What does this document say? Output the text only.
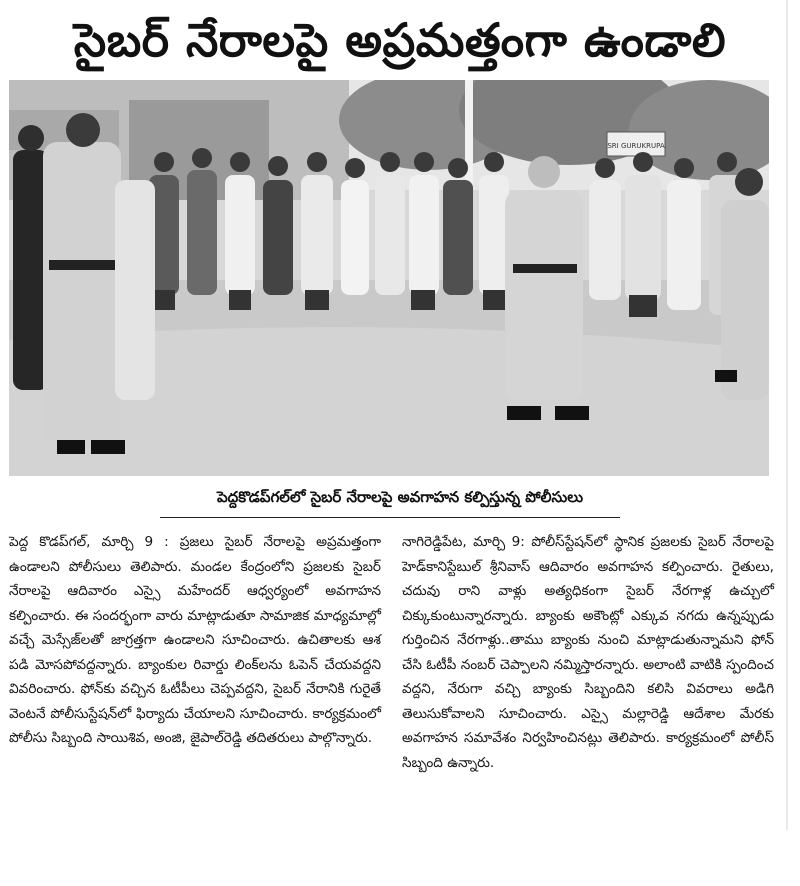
సైబర్ నేరాలపై అప్రమత్తంగా ఉండాలి
SRI GURUKRUPA
పెద్దకొడప్‌గల్‌లో సైబర్ నేరాలపై అవగాహన కల్పిస్తున్న పోలీసులు

పెద్ద కొడప్‌గల్, మార్చి 9 : ప్రజలు సైబర్ నేరాలపై అప్రమత్తంగా ఉండాలని పోలీసులు తెలిపారు. మండల కేంద్రంలోని ప్రజలకు సైబర్ నేరాలపై ఆదివారం ఎస్సై మహేందర్ ఆధ్వర్యంలో అవగాహన కల్పించారు. ఈ సందర్భంగా వారు మాట్లాడుతూ సామాజిక మాధ్యమాల్లో వచ్చే మెస్సేజ్‌లతో జాగ్రత్తగా ఉండాలని సూచించారు. ఉచితాలకు ఆశ పడి మోసపోవద్దన్నారు. బ్యాంకుల రివార్డు లింక్‌లను ఓపెన్ చేయవద్దని వివరించారు. ఫోన్‌కు వచ్చిన ఓటీపీలు చెప్పవద్దని, సైబర్ నేరానికి గురైతే వెంటనే పోలీసుస్టేషన్‌లో ఫిర్యాదు చేయాలని సూచించారు. కార్యక్రమంలో పోలీసు సిబ్బంది సాయిశివ, అంజి, జైపాల్‌రెడ్డి తదితరులు పాల్గొన్నారు.

నాగిరెడ్డిపేట, మార్చి 9: పోలీస్‌స్టేషన్‌లో స్థానిక ప్రజలకు సైబర్ నేరాలపై హెడ్‌కానిస్టేబుల్ శ్రీనివాస్ ఆదివారం అవగాహన కల్పించారు. రైతులు, చదువు రాని వాళ్లు అత్యధికంగా సైబర్ నేరగాళ్ల ఉచ్చులో చిక్కుకుంటున్నారన్నారు. బ్యాంకు అకౌంట్లో ఎక్కువ నగదు ఉన్నప్పుడు గుర్తించిన నేరగాళ్లు..తాము బ్యాంకు నుంచి మాట్లాడుతున్నామని ఫోన్ చేసి ఓటీపీ నంబర్ చెప్పాలని నమ్మిస్తారన్నారు. అలాంటి వాటికి స్పందించ వద్దని, నేరుగా వచ్చి బ్యాంకు సిబ్బందిని కలిసి వివరాలు అడిగి తెలుసుకోవాలని సూచించారు. ఎస్సై మల్లారెడ్డి ఆదేశాల మేరకు అవగాహన సమావేశం నిర్వహించినట్లు తెలిపారు. కార్యక్రమంలో పోలీస్ సిబ్బంది ఉన్నారు.
